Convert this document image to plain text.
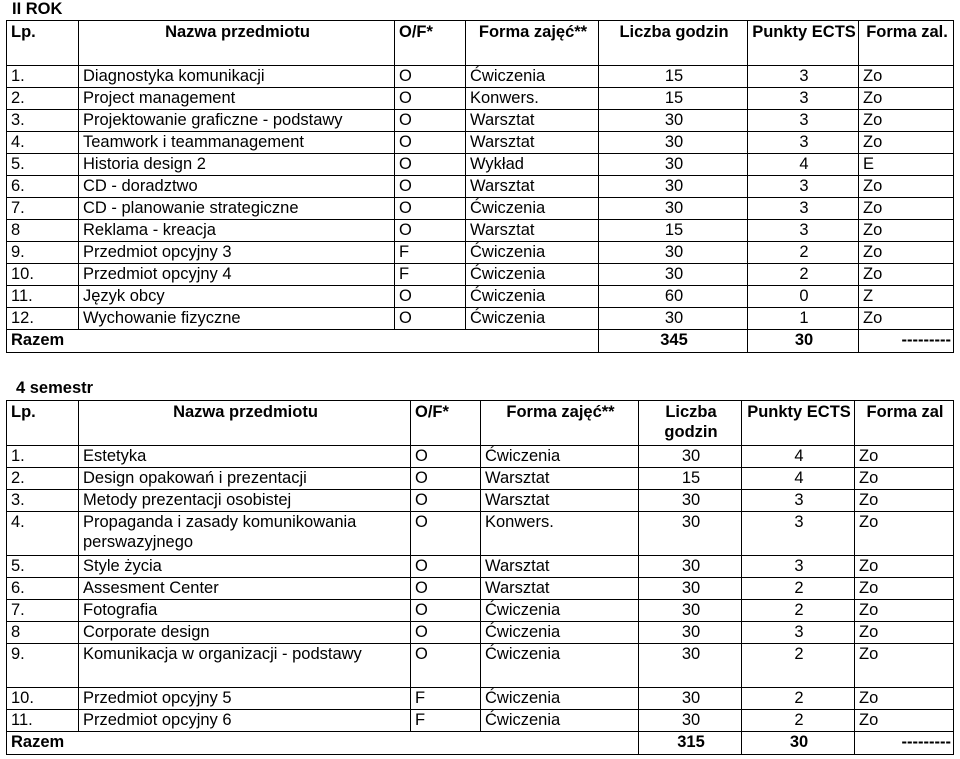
II ROK
Lp.	Nazwa przedmiotu	O/F*	Forma zajęć**	Liczba godzin	Punkty ECTS	Forma zal.
1.	Diagnostyka komunikacji	O	Ćwiczenia	15	3	Zo
2.	Project management	O	Konwers.	15	3	Zo
3.	Projektowanie graficzne - podstawy	O	Warsztat	30	3	Zo
4.	Teamwork i teammanagement	O	Warsztat	30	3	Zo
5.	Historia design 2	O	Wykład	30	4	E
6.	CD - doradztwo	O	Warsztat	30	3	Zo
7.	CD - planowanie strategiczne	O	Ćwiczenia	30	3	Zo
8	Reklama - kreacja	O	Warsztat	15	3	Zo
9.	Przedmiot opcyjny 3	F	Ćwiczenia	30	2	Zo
10.	Przedmiot opcyjny 4	F	Ćwiczenia	30	2	Zo
11.	Język obcy	O	Ćwiczenia	60	0	Z
12.	Wychowanie fizyczne	O	Ćwiczenia	30	1	Zo
Razem				345	30	---------
4 semestr
Lp.	Nazwa przedmiotu	O/F*	Forma zajęć**	Liczba godzin	Punkty ECTS	Forma zal
1.	Estetyka	O	Ćwiczenia	30	4	Zo
2.	Design opakowań i prezentacji	O	Warsztat	15	4	Zo
3.	Metody prezentacji osobistej	O	Warsztat	30	3	Zo
4.	Propaganda i zasady komunikowania perswazyjnego	O	Konwers.	30	3	Zo
5.	Style życia	O	Warsztat	30	3	Zo
6.	Assesment Center	O	Warsztat	30	2	Zo
7.	Fotografia	O	Ćwiczenia	30	2	Zo
8	Corporate design	O	Ćwiczenia	30	3	Zo
9.	Komunikacja w organizacji - podstawy	O	Ćwiczenia	30	2	Zo
10.	Przedmiot opcyjny 5	F	Ćwiczenia	30	2	Zo
11.	Przedmiot opcyjny 6	F	Ćwiczenia	30	2	Zo
Razem				315	30	---------
